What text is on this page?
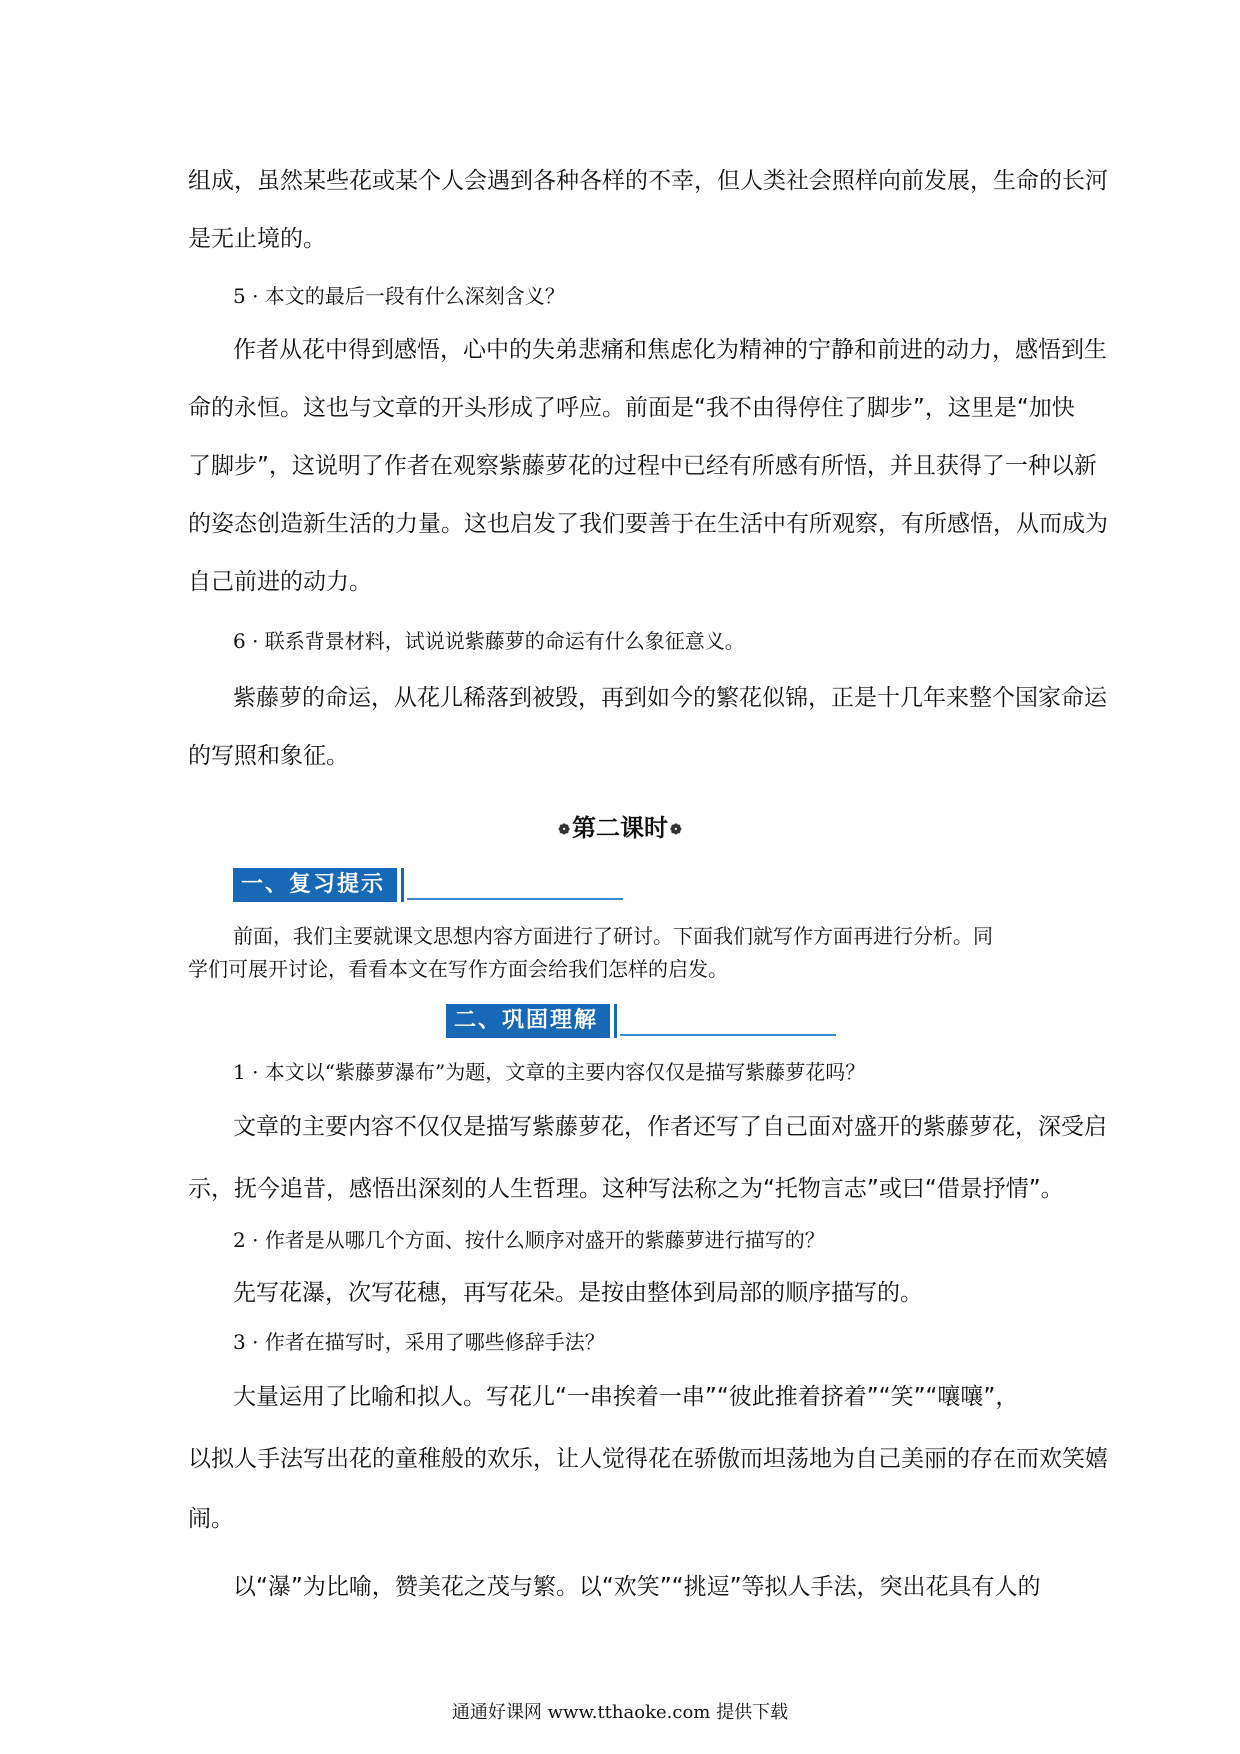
组成，虽然某些花或某个人会遇到各种各样的不幸，但人类社会照样向前发展，生命的长河
是无止境的。
5 · 本文的最后一段有什么深刻含义？
作者从花中得到感悟，心中的失弟悲痛和焦虑化为精神的宁静和前进的动力，感悟到生
命的永恒。这也与文章的开头形成了呼应。前面是“我不由得停住了脚步”，这里是“加快
了脚步”，这说明了作者在观察紫藤萝花的过程中已经有所感有所悟，并且获得了一种以新
的姿态创造新生活的力量。这也启发了我们要善于在生活中有所观察，有所感悟，从而成为
自己前进的动力。
6 · 联系背景材料，试说说紫藤萝的命运有什么象征意义。
紫藤萝的命运，从花儿稀落到被毁，再到如今的繁花似锦，正是十几年来整个国家命运
的写照和象征。
❁第二课时 ❁
一、复习提示
前面，我们主要就课文思想内容方面进行了研讨。下面我们就写作方面再进行分析。同
学们可展开讨论，看看本文在写作方面会给我们怎样的启发。
二、巩固理解
1 · 本文以“紫藤萝瀑布”为题，文章的主要内容仅仅是描写紫藤萝花吗？
文章的主要内容不仅仅是描写紫藤萝花，作者还写了自己面对盛开的紫藤萝花，深受启
示，抚今追昔，感悟出深刻的人生哲理。这种写法称之为“托物言志”或曰“借景抒情”。
2 · 作者是从哪几个方面、按什么顺序对盛开的紫藤萝进行描写的？
先写花瀑，次写花穗，再写花朵。是按由整体到局部的顺序描写的。
3 · 作者在描写时，采用了哪些修辞手法？
大量运用了比喻和拟人。写花儿“一串挨着一串”“彼此推着挤着”“笑”“嚷嚷”，
以拟人手法写出花的童稚般的欢乐，让人觉得花在骄傲而坦荡地为自己美丽的存在而欢笑嬉
闹。
以“瀑”为比喻，赞美花之茂与繁。以“欢笑”“挑逗”等拟人手法，突出花具有人的
通通好课网 www.tthaoke.com 提供下载
